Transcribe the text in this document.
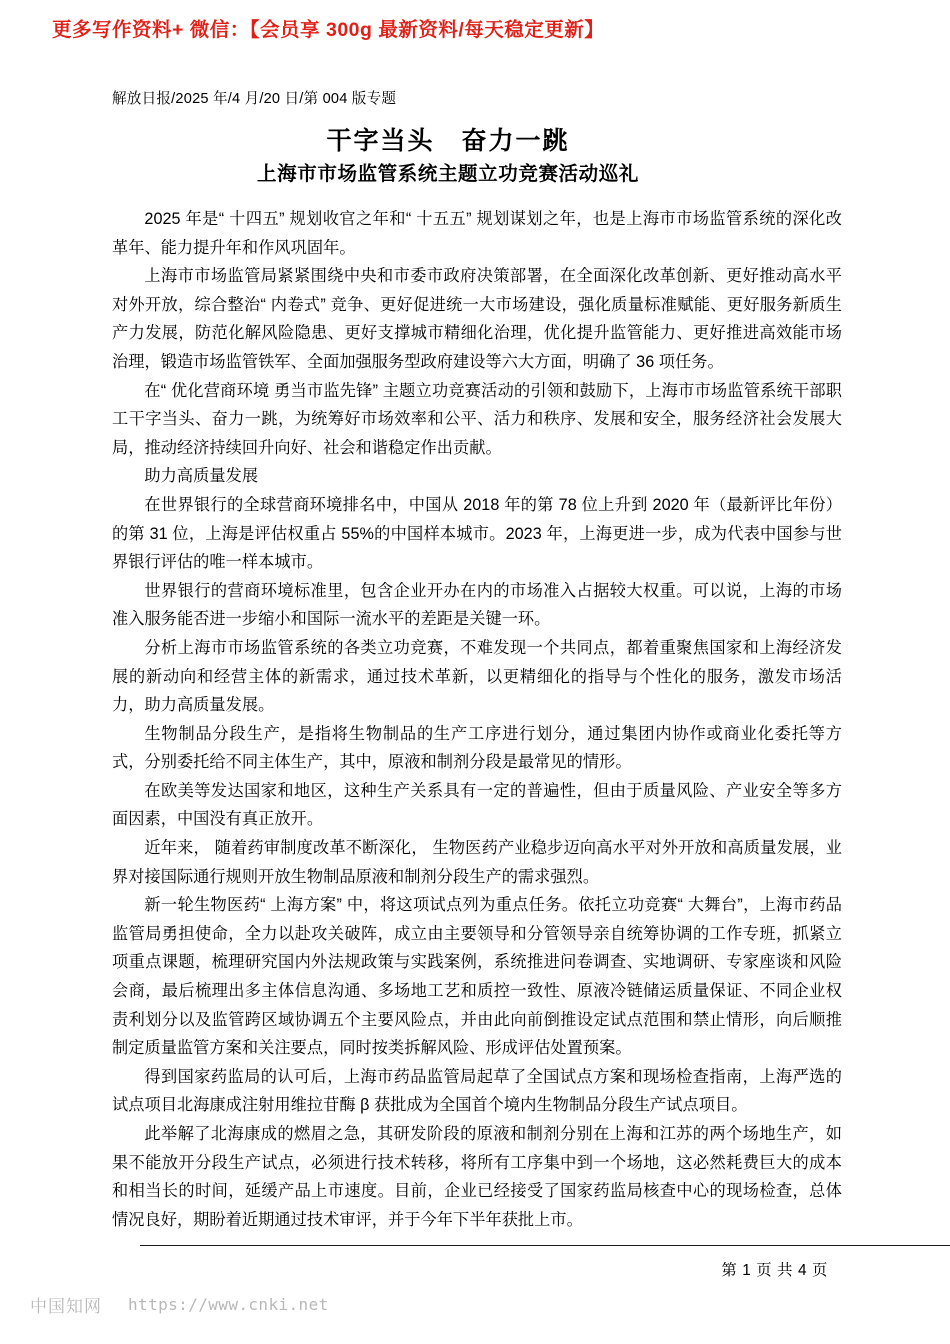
更多写作资料+ 微信：【会员享 300g 最新资料/每天稳定更新】
解放日报/2025 年/4 月/20 日/第 004 版专题
干字当头　奋力一跳
上海市市场监管系统主题立功竞赛活动巡礼

2025 年是“ 十四五” 规划收官之年和“ 十五五” 规划谋划之年，也是上海市市场监管系统的深化改革年、能力提升年和作风巩固年。

上海市市场监管局紧紧围绕中央和市委市政府决策部署，在全面深化改革创新、更好推动高水平对外开放，综合整治“ 内卷式” 竞争、更好促进统一大市场建设，强化质量标准赋能、更好服务新质生产力发展，防范化解风险隐患、更好支撑城市精细化治理，优化提升监管能力、更好推进高效能市场治理，锻造市场监管铁军、全面加强服务型政府建设等六大方面，明确了 36 项任务。

在“ 优化营商环境 勇当市监先锋” 主题立功竞赛活动的引领和鼓励下，上海市市场监管系统干部职工干字当头、奋力一跳，为统筹好市场效率和公平、活力和秩序、发展和安全，服务经济社会发展大局，推动经济持续回升向好、社会和谐稳定作出贡献。

助力高质量发展

在世界银行的全球营商环境排名中，中国从 2018 年的第 78 位上升到 2020 年（最新评比年份）的第 31 位，上海是评估权重占 55%的中国样本城市。2023 年，上海更进一步，成为代表中国参与世界银行评估的唯一样本城市。

世界银行的营商环境标准里，包含企业开办在内的市场准入占据较大权重。可以说，上海的市场准入服务能否进一步缩小和国际一流水平的差距是关键一环。

分析上海市市场监管系统的各类立功竞赛，不难发现一个共同点，都着重聚焦国家和上海经济发展的新动向和经营主体的新需求，通过技术革新，以更精细化的指导与个性化的服务，激发市场活力，助力高质量发展。

生物制品分段生产，是指将生物制品的生产工序进行划分，通过集团内协作或商业化委托等方式，分别委托给不同主体生产，其中，原液和制剂分段是最常见的情形。

在欧美等发达国家和地区，这种生产关系具有一定的普遍性，但由于质量风险、产业安全等多方面因素，中国没有真正放开。

近年来， 随着药审制度改革不断深化， 生物医药产业稳步迈向高水平对外开放和高质量发展，业界对接国际通行规则开放生物制品原液和制剂分段生产的需求强烈。

新一轮生物医药“ 上海方案” 中，将这项试点列为重点任务。依托立功竞赛“ 大舞台”，上海市药品监管局勇担使命，全力以赴攻关破阵，成立由主要领导和分管领导亲自统筹协调的工作专班，抓紧立项重点课题，梳理研究国内外法规政策与实践案例，系统推进问卷调查、实地调研、专家座谈和风险会商，最后梳理出多主体信息沟通、多场地工艺和质控一致性、原液冷链储运质量保证、不同企业权责利划分以及监管跨区域协调五个主要风险点，并由此向前倒推设定试点范围和禁止情形，向后顺推制定质量监管方案和关注要点，同时按类拆解风险、形成评估处置预案。

得到国家药监局的认可后，上海市药品监管局起草了全国试点方案和现场检查指南，上海严选的试点项目北海康成注射用维拉苷酶 β 获批成为全国首个境内生物制品分段生产试点项目。

此举解了北海康成的燃眉之急，其研发阶段的原液和制剂分别在上海和江苏的两个场地生产，如果不能放开分段生产试点，必须进行技术转移，将所有工序集中到一个场地，这必然耗费巨大的成本和相当长的时间，延缓产品上市速度。目前，企业已经接受了国家药监局核查中心的现场检查，总体情况良好，期盼着近期通过技术审评，并于今年下半年获批上市。

第 1 页 共 4 页
中国知网 https://www.cnki.net
